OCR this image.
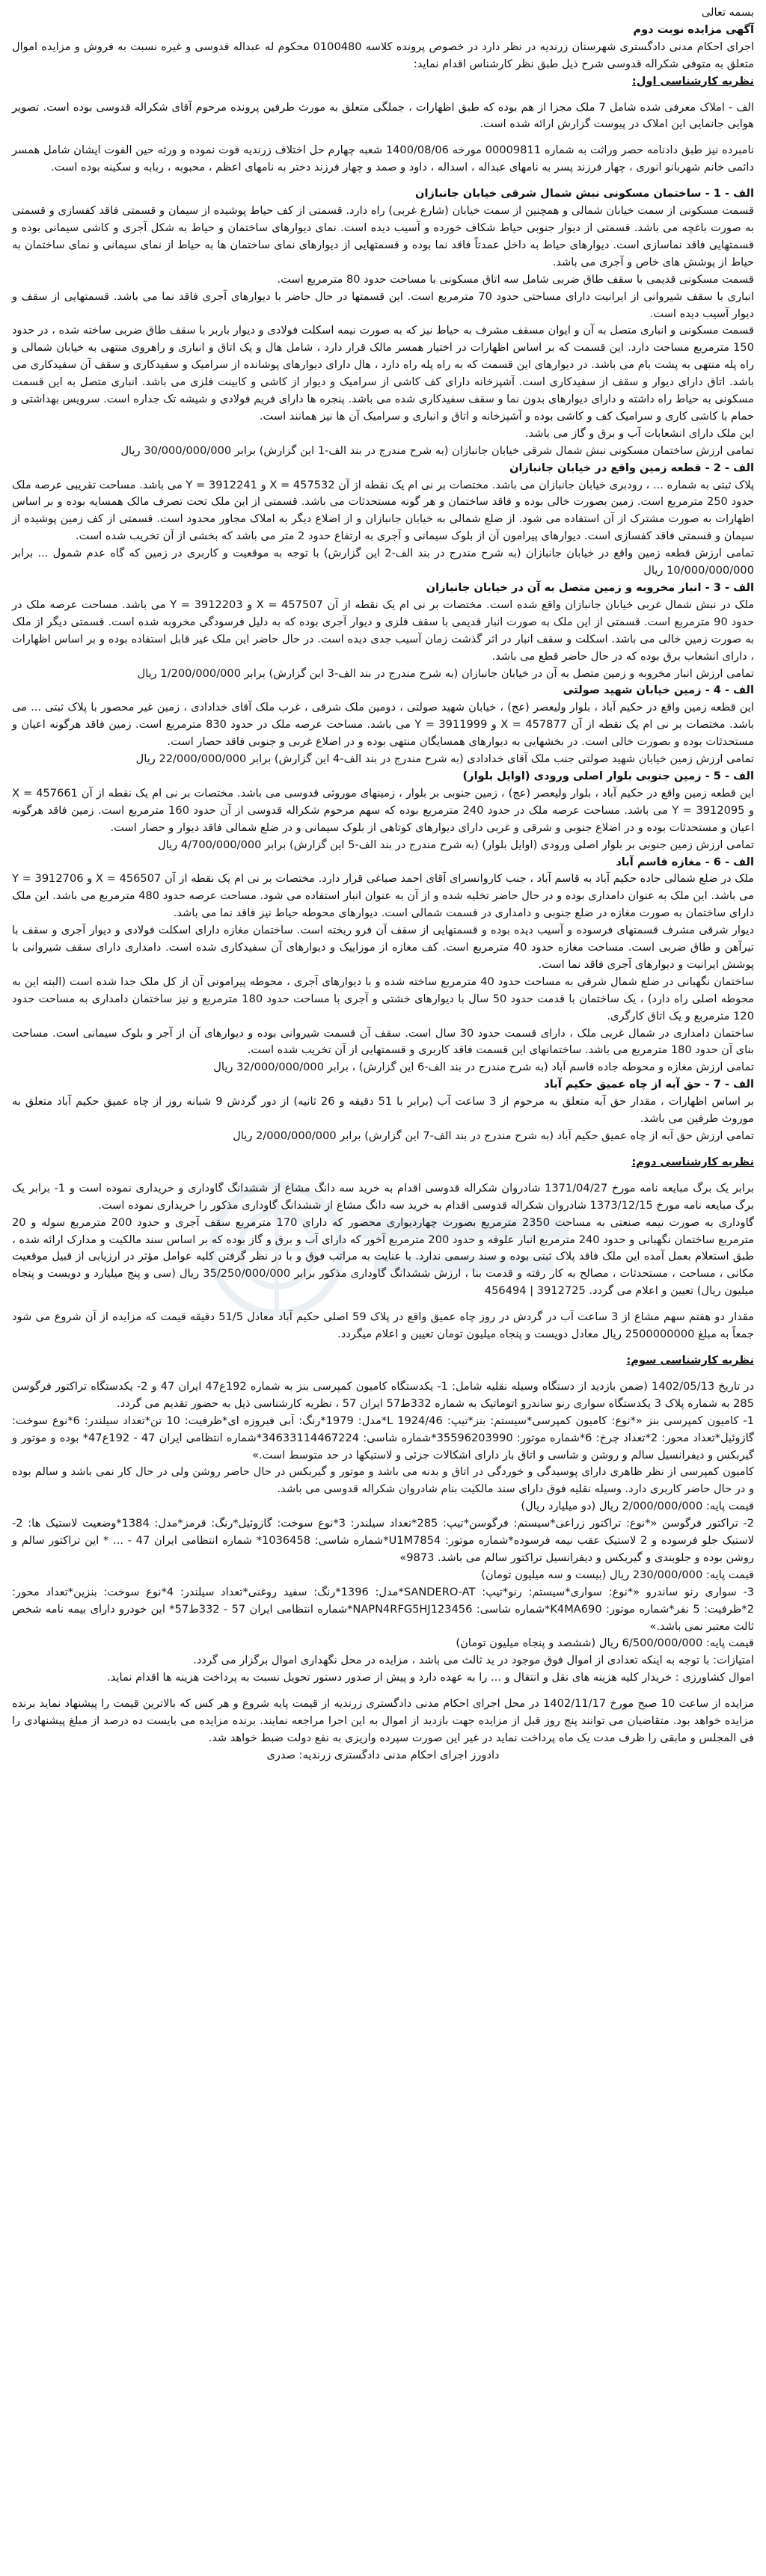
بسمه تعالی
آگهی مزایده نوبت دوم
اجرای احکام مدنی دادگستری شهرستان زرندیه در نظر دارد در خصوص پرونده کلاسه 0100480 محکوم له عبداله قدوسی و غیره نسبت به فروش و مزایده اموال متعلق به متوفی شکراله قدوسی شرح ذیل طبق نظر کارشناس اقدام نماید:
نظریه کارشناسی اول:
الف - املاک معرفی شده شامل 7 ملک مجزا از هم بوده که طبق اظهارات ، جملگی متعلق به مورث طرفین پرونده مرحوم آقای شکراله قدوسی بوده است. تصویر هوایی جانمایی این املاک در پیوست گزارش ارائه شده است.
نامبرده نیز طبق دادنامه حصر وراثت به شماره 00009811 مورخه 1400/08/06 شعبه چهارم حل اختلاف زرندیه فوت نموده و ورثه حین الفوت ایشان شامل همسر دائمی خانم شهربانو انوری ، چهار فرزند پسر به نامهای عبداله ، اسداله ، داود و صمد و چهار فرزند دختر به نامهای اعظم ، محبوبه ، ربابه و سکینه بوده است.
الف - 1 - ساختمان مسکونی نبش شمال شرقی خیابان جانبازان
قسمت مسکونی از سمت خیابان شمالی و همچنین از سمت خیابان (شارع غربی) راه دارد. قسمتی از کف حیاط پوشیده از سیمان و قسمتی فاقد کفسازی و قسمتی به صورت باغچه می باشد. قسمتی از دیوار جنوبی حیاط شکاف خورده و آسیب دیده است. نمای دیوارهای ساختمان و حیاط به شکل آجری و کاشی سیمانی بوده و قسمتهایی فاقد نماسازی است. دیوارهای حیاط به داخل عمدتاً فاقد نما بوده و قسمتهایی از دیوارهای نمای ساختمان ها به حیاط از نمای سیمانی و نمای ساختمان به حیاط از پوشش های خاص و آجری می باشد.
قسمت مسکونی قدیمی با سقف طاق ضربی شامل سه اتاق مسکونی با مساحت حدود 80 مترمربع است.
انباری با سقف شیروانی از ایرانیت دارای مساحتی حدود 70 مترمربع است. این قسمتها در حال حاضر با دیوارهای آجری فاقد نما می باشد. قسمتهایی از سقف و دیوار آسیب دیده است.
قسمت مسکونی و انباری متصل به آن و ایوان مسقف مشرف به حیاط نیز که به صورت نیمه اسکلت فولادی و دیوار باربر با سقف طاق ضربی ساخته شده ، در حدود 150 مترمربع مساحت دارد. این قسمت که بر اساس اظهارات در اختیار همسر مالک قرار دارد ، شامل هال و یک اتاق و انباری و راهروی منتهی به خیابان شمالی و راه پله منتهی به پشت بام می باشد. در دیوارهای این قسمت که به راه پله راه دارد ، هال دارای دیوارهای پوشانده از سرامیک و سفیدکاری و سقف آن سفیدکاری می باشد. اتاق دارای دیوار و سقف از سفیدکاری است. آشپزخانه دارای کف کاشی از سرامیک و دیوار از کاشی و کابینت فلزی می باشد. انباری متصل به این قسمت مسکونی به حیاط راه داشته و دارای دیوارهای بدون نما و سقف سفیدکاری شده می باشد. پنجره ها دارای فریم فولادی و شیشه تک جداره است. سرویس بهداشتی و حمام با کاشی کاری و سرامیک کف و کاشی بوده و آشپزخانه و اتاق و انباری و سرامیک آن ها نیز همانند است.
این ملک دارای انشعابات آب و برق و گاز می باشد.
تمامی ارزش ساختمان مسکونی نبش شمال شرقی خیابان جانبازان (به شرح مندرج در بند الف-1 این گزارش) برابر 30/000/000/000 ریال
الف - 2 - قطعه زمین واقع در خیابان جانبازان
پلاک ثبتی به شماره ... ، رودبری خیابان جانبازان می باشد. مختصات بر نی ام یک نقطه از آن 457532 = X و 3912241 = Y می باشد. مساحت تقریبی عرصه ملک حدود 250 مترمربع است. زمین بصورت خالی بوده و فاقد ساختمان و هر گونه مستحدثات می باشد. قسمتی از این ملک تحت تصرف مالک همسایه بوده و بر اساس اظهارات به صورت مشترک از آن استفاده می شود. از ضلع شمالی به خیابان جانبازان و از اضلاع دیگر به املاک مجاور محدود است. قسمتی از کف زمین پوشیده از سیمان و قسمتی فاقد کفسازی است. دیوارهای پیرامون آن از بلوک سیمانی و آجری به ارتفاع حدود 2 متر می باشد که بخشی از آن تخریب شده است.
تمامی ارزش قطعه زمین واقع در خیابان جانبازان (به شرح مندرج در بند الف-2 این گزارش) با توجه به موقعیت و کاربری در زمین که گاه عدم شمول ... برابر 10/000/000/000 ریال
الف - 3 - انبار مخروبه و زمین متصل به آن در خیابان جانبازان
ملک در نبش شمال غربی خیابان جانبازان واقع شده است. مختصات بر نی ام یک نقطه از آن 457507 = X و 3912203 = Y می باشد. مساحت عرصه ملک در حدود 90 مترمربع است. قسمتی از این ملک به صورت انبار قدیمی با سقف فلزی و دیوار آجری بوده که به دلیل فرسودگی مخروبه شده است. قسمتی دیگر از ملک به صورت زمین خالی می باشد. اسکلت و سقف انبار در اثر گذشت زمان آسیب جدی دیده است. در حال حاضر این ملک غیر قابل استفاده بوده و بر اساس اظهارات ، دارای انشعاب برق بوده که در حال حاضر قطع می باشد.
تمامی ارزش انبار مخروبه و زمین متصل به آن در خیابان جانبازان (به شرح مندرج در بند الف-3 این گزارش) برابر 1/200/000/000 ریال
الف - 4 - زمین خیابان شهید صولتی
این قطعه زمین واقع در حکیم آباد ، بلوار ولیعصر (عج) ، خیابان شهید صولتی ، دومین ملک شرقی ، غرب ملک آقای خدادادی ، زمین غیر محصور با پلاک ثبتی ... می باشد. مختصات بر نی ام یک نقطه از آن 457877 = X و 3911999 = Y می باشد. مساحت عرصه ملک در حدود 830 مترمربع است. زمین فاقد هرگونه اعیان و مستحدثات بوده و بصورت خالی است. در بخشهایی به دیوارهای همسایگان منتهی بوده و در اضلاع غربی و جنوبی فاقد حصار است.
تمامی ارزش زمین خیابان شهید صولتی جنب ملک آقای خدادادی (به شرح مندرج در بند الف-4 این گزارش) برابر 22/000/000/000 ریال
الف - 5 - زمین جنوبی بلوار اصلی ورودی (اوایل بلوار)
این قطعه زمین واقع در حکیم آباد ، بلوار ولیعصر (عج) ، زمین جنوبی بر بلوار ، زمینهای موروثی قدوسی می باشد. مختصات بر نی ام یک نقطه از آن 457661 = X و 3912095 = Y می باشد. مساحت عرصه ملک در حدود 240 مترمربع بوده که سهم مرحوم شکراله قدوسی از آن حدود 160 مترمربع است. زمین فاقد هرگونه اعیان و مستحدثات بوده و در اضلاع جنوبی و شرقی و غربی دارای دیوارهای کوتاهی از بلوک سیمانی و در ضلع شمالی فاقد دیوار و حصار است.
تمامی ارزش زمین جنوبی بر بلوار اصلی ورودی (اوایل بلوار) (به شرح مندرج در بند الف-5 این گزارش) برابر 4/700/000/000 ریال
الف - 6 - مغازه قاسم آباد
ملک در ضلع شمالی جاده حکیم آباد به قاسم آباد ، جنب کاروانسرای آقای احمد صباغی قرار دارد. مختصات بر نی ام یک نقطه از آن 456507 = X و 3912706 = Y می باشد. این ملک به عنوان دامداری بوده و در حال حاضر تخلیه شده و از آن به عنوان انبار استفاده می شود. مساحت عرصه حدود 480 مترمربع می باشد. این ملک دارای ساختمان به صورت مغازه در ضلع جنوبی و دامداری در قسمت شمالی است. دیوارهای محوطه حیاط نیز فاقد نما می باشد.
دیوار شرقی مشرف قسمتهای فرسوده و آسیب دیده بوده و قسمتهایی از سقف آن فرو ریخته است. ساختمان مغازه دارای اسکلت فولادی و دیوار آجری و سقف با تیرآهن و طاق ضربی است. مساحت مغازه حدود 40 مترمربع است. کف مغازه از موزاییک و دیوارهای آن سفیدکاری شده است. دامداری دارای سقف شیروانی با پوشش ایرانیت و دیوارهای آجری فاقد نما است.
ساختمان نگهبانی در ضلع شمال شرقی به مساحت حدود 40 مترمربع ساخته شده و با دیوارهای آجری ، محوطه پیرامونی آن از کل ملک جدا شده است (البته این به محوطه اصلی راه دارد) ، یک ساختمان با قدمت حدود 50 سال با دیوارهای خشتی و آجری با مساحت حدود 180 مترمربع و نیز ساختمان دامداری به مساحت حدود 120 مترمربع و یک اتاق کارگری.
ساختمان دامداری در شمال غربی ملک ، دارای قسمت حدود 30 سال است. سقف آن قسمت شیروانی بوده و دیوارهای آن از آجر و بلوک سیمانی است. مساحت بنای آن حدود 180 مترمربع می باشد. ساختمانهای این قسمت فاقد کاربری و قسمتهایی از آن تخریب شده است.
تمامی ارزش مغازه و محوطه جاده قاسم آباد (به شرح مندرج در بند الف-6 این گزارش) ، برابر 32/000/000/000 ریال
الف - 7 - حق آبه از چاه عمیق حکیم آباد
بر اساس اظهارات ، مقدار حق آبه متعلق به مرحوم از 3 ساعت آب (برابر با 51 دقیقه و 26 ثانیه) از دور گردش 9 شبانه روز از چاه عمیق حکیم آباد متعلق به موروث طرفین می باشد.
تمامی ارزش حق آبه از چاه عمیق حکیم آباد (به شرح مندرج در بند الف-7 این گزارش) برابر 2/000/000/000 ریال
نظریه کارشناسی دوم:
برابر یک برگ مبایعه نامه مورخ 1371/04/27 شادروان شکراله قدوسی اقدام به خرید سه دانگ مشاع از ششدانگ گاوداری و خریداری نموده است و 1- برابر یک برگ مبایعه نامه مورخ 1373/12/15 شادروان شکراله قدوسی اقدام به خرید سه دانگ مشاع از ششدانگ گاوداری مذکور را خریداری نموده است.
گاوداری به صورت نیمه صنعتی به مساحت 2350 مترمربع بصورت چهاردیواری محصور که دارای 170 مترمربع سقف آجری و حدود 200 مترمربع سوله و 20 مترمربع ساختمان نگهبانی و حدود 240 مترمربع انبار علوفه و حدود 200 مترمربع آخور که دارای آب و برق و گاز بوده که بر اساس سند مالکیت و مدارک ارائه شده ، طبق استعلام بعمل آمده این ملک فاقد پلاک ثبتی بوده و سند رسمی ندارد. با عنایت به مراتب فوق و با در نظر گرفتن کلیه عوامل مؤثر در ارزیابی از قبیل موقعیت مکانی ، مساحت ، مستحدثات ، مصالح به کار رفته و قدمت بنا ، ارزش ششدانگ گاوداری مذکور برابر 35/250/000/000 ریال (سی و پنج میلیارد و دویست و پنجاه میلیون ریال) تعیین و اعلام می گردد. 3912725 | 456494
مقدار دو هفتم سهم مشاع از 3 ساعت آب در گردش در روز چاه عمیق واقع در پلاک 59 اصلی حکیم آباد معادل 51/5 دقیقه قیمت که مزایده از آن شروع می شود جمعاً به مبلغ 2500000000 ریال معادل دویست و پنجاه میلیون تومان تعیین و اعلام میگردد.
نظریه کارشناسی سوم:
در تاریخ 1402/05/13 (ضمن بازدید از دستگاه وسیله نقلیه شامل: 1- یکدستگاه کامیون کمپرسی بنز به شماره 192ع47 ایران 47 و 2- یکدستگاه تراکتور فرگوسن 285 به شماره پلاک 3 یکدستگاه سواری رنو ساندرو اتوماتیک به شماره 332ط57 ایران 57 ، نظریه کارشناسی ذیل به حضور تقدیم می گردد.
1- کامیون کمپرسی بنز «*نوع: کامیون کمپرسی*سیستم: بنز*تیپ: L 1924/46*مدل: 1979*رنگ: آبی فیروزه ای*ظرفیت: 10 تن*تعداد سیلندر: 6*نوع سوخت: گازوئیل*تعداد محور: 2*تعداد چرخ: 6*شماره موتور: 35596203990*شماره شاسی: 34633114467224*شماره انتظامی ایران 47 - 192ع47* بوده و موتور و گیربکس و دیفرانسیل سالم و روشن و شاسی و اتاق بار دارای اشکالات جزئی و لاستیکها در حد متوسط است.»
کامیون کمپرسی از نظر ظاهری دارای پوسیدگی و خوردگی در اتاق و بدنه می باشد و موتور و گیربکس در حال حاضر روشن ولی در حال کار نمی باشد و سالم بوده و در حال حاضر کاربری دارد. وسیله نقلیه فوق دارای سند مالکیت بنام شادروان شکراله قدوسی می باشد.
قیمت پایه: 2/000/000/000 ریال (دو میلیارد ریال)
2- تراکتور فرگوسن «*نوع: تراکتور زراعی*سیستم: فرگوسن*تیپ: 285*تعداد سیلندر: 3*نوع سوخت: گازوئیل*رنگ: قرمز*مدل: 1384*وضعیت لاستیک ها: 2- لاستیک جلو فرسوده و 2 لاستیک عقب نیمه فرسوده*شماره موتور: U1M7854*شماره شاسی: 1036458* شماره انتظامی ایران 47 - ... * این تراکتور سالم و روشن بوده و جلوبندی و گیربکس و دیفرانسیل تراکتور سالم می باشد. 9873»
قیمت پایه: 230/000/000 ریال (بیست و سه میلیون تومان)
3- سواری رنو ساندرو «*نوع: سواری*سیستم: رنو*تیپ: SANDERO-AT*مدل: 1396*رنگ: سفید روغنی*تعداد سیلندر: 4*نوع سوخت: بنزین*تعداد محور: 2*ظرفیت: 5 نفر*شماره موتور: K4MA690*شماره شاسی: NAPN4RFG5HJ123456*شماره انتظامی ایران 57 - 332ط57* این خودرو دارای بیمه نامه شخص ثالث معتبر نمی باشد.»
قیمت پایه: 6/500/000/000 ریال (ششصد و پنجاه میلیون تومان)
امتیازات: با توجه به اینکه تعدادی از اموال فوق موجود در ید ثالث می باشد ، مزایده در محل نگهداری اموال برگزار می گردد.
اموال کشاورزی : خریدار کلیه هزینه های نقل و انتقال و ... را به عهده دارد و پیش از صدور دستور تحویل نسبت به پرداخت هزینه ها اقدام نماید.
مزایده از ساعت 10 صبح مورخ 1402/11/17 در محل اجرای احکام مدنی دادگستری زرندیه از قیمت پایه شروع و هر کس که بالاترین قیمت را پیشنهاد نماید برنده مزایده خواهد بود. متقاضیان می توانند پنج روز قبل از مزایده جهت بازدید از اموال به این اجرا مراجعه نمایند. برنده مزایده می بایست ده درصد از مبلغ پیشنهادی را فی المجلس و مابقی را ظرف مدت یک ماه پرداخت نماید در غیر این صورت سپرده واریزی به نفع دولت ضبط خواهد شد.
دادورز اجرای احکام مدنی دادگستری زرندیه: صدری
